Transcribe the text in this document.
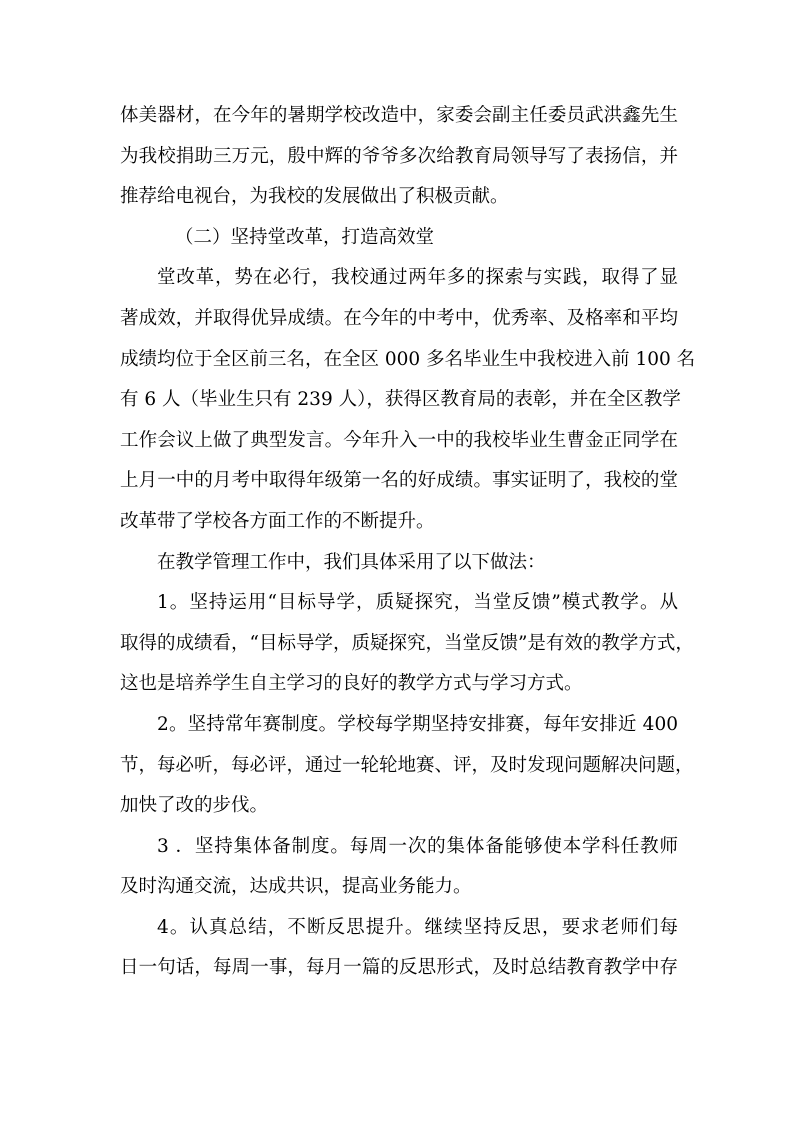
体美器材，在今年的暑期学校改造中，家委会副主任委员武洪鑫先生
为我校捐助三万元，殷中辉的爷爷多次给教育局领导写了表扬信，并
推荐给电视台，为我校的发展做出了积极贡献。
（二）坚持堂改革，打造高效堂
堂改革，势在必行，我校通过两年多的探索与实践，取得了显
著成效，并取得优异成绩。在今年的中考中，优秀率、及格率和平均
成绩均位于全区前三名，在全区 000 多名毕业生中我校进入前 100 名
有 6 人（毕业生只有 239 人），获得区教育局的表彰，并在全区教学
工作会议上做了典型发言。今年升入一中的我校毕业生曹金正同学在
上月一中的月考中取得年级第一名的好成绩。事实证明了，我校的堂
改革带了学校各方面工作的不断提升。
在教学管理工作中，我们具体采用了以下做法：
1。坚持运用“目标导学，质疑探究，当堂反馈”模式教学。从
取得的成绩看，“目标导学，质疑探究，当堂反馈”是有效的教学方式，
这也是培养学生自主学习的良好的教学方式与学习方式。
2。坚持常年赛制度。学校每学期坚持安排赛，每年安排近 400
节，每必听，每必评，通过一轮轮地赛、评，及时发现问题解决问题，
加快了改的步伐。
3 ．坚持集体备制度。每周一次的集体备能够使本学科任教师
及时沟通交流，达成共识，提高业务能力。
4。认真总结，不断反思提升。继续坚持反思，要求老师们每
日一句话，每周一事，每月一篇的反思形式，及时总结教育教学中存
